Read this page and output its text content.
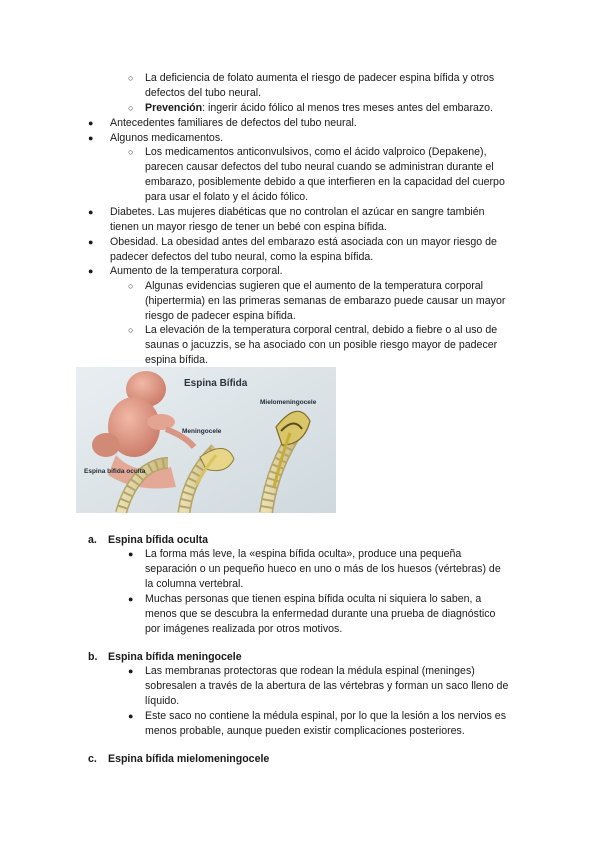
○ La deficiencia de folato aumenta el riesgo de padecer espina bífida y otros
defectos del tubo neural.
○ Prevención: ingerir ácido fólico al menos tres meses antes del embarazo.
● Antecedentes familiares de defectos del tubo neural.
● Algunos medicamentos.
○ Los medicamentos anticonvulsivos, como el ácido valproico (Depakene),
parecen causar defectos del tubo neural cuando se administran durante el
embarazo, posiblemente debido a que interfieren en la capacidad del cuerpo
para usar el folato y el ácido fólico.
● Diabetes. Las mujeres diabéticas que no controlan el azúcar en sangre también
tienen un mayor riesgo de tener un bebé con espina bífida.
● Obesidad. La obesidad antes del embarazo está asociada con un mayor riesgo de
padecer defectos del tubo neural, como la espina bífida.
● Aumento de la temperatura corporal.
○ Algunas evidencias sugieren que el aumento de la temperatura corporal
(hipertermia) en las primeras semanas de embarazo puede causar un mayor
riesgo de padecer espina bífida.
○ La elevación de la temperatura corporal central, debido a fiebre o al uso de
saunas o jacuzzis, se ha asociado con un posible riesgo mayor de padecer
espina bífida.
Espina Bífida
Espina bífida oculta
Meningocele
Mielomeningocele
a. Espina bífida oculta
● La forma más leve, la «espina bífida oculta», produce una pequeña
separación o un pequeño hueco en uno o más de los huesos (vértebras) de
la columna vertebral.
● Muchas personas que tienen espina bífida oculta ni siquiera lo saben, a
menos que se descubra la enfermedad durante una prueba de diagnóstico
por imágenes realizada por otros motivos.
b. Espina bífida meningocele
● Las membranas protectoras que rodean la médula espinal (meninges)
sobresalen a través de la abertura de las vértebras y forman un saco lleno de
líquido.
● Este saco no contiene la médula espinal, por lo que la lesión a los nervios es
menos probable, aunque pueden existir complicaciones posteriores.
c. Espina bífida mielomeningocele
